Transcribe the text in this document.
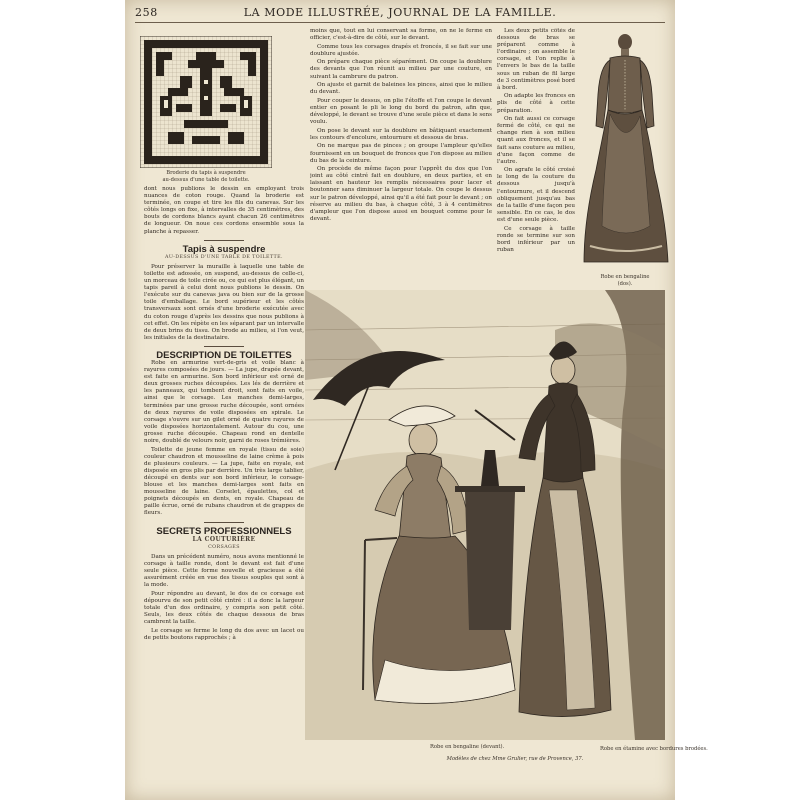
258	LA MODE ILLUSTRÉE, JOURNAL DE LA FAMILLE.
Broderie du tapis à suspendre
au-dessus d'une table de toilette.

dont nous publions le dessin en employant trois nuances de coton rouge. Quand la broderie est terminée, on coupe et tire les fils du canevas. Sur les côtés longs on fixe, à intervalles de 35 centimètres, des bouts de cordons blancs ayant chacun 26 centimètres de longueur. On noue ces cordons ensemble sous la planche à repasser.

Tapis à suspendre
AU-DESSUS D'UNE TABLE DE TOILETTE.

Pour préserver la muraille à laquelle une table de toilette est adossée, on suspend, au-dessus de celle-ci, un morceau de toile cirée ou, ce qui est plus élégant, un tapis pareil à celui dont nous publions le dessin. On l'exécute sur du canevas java ou bien sur de la grosse toile d'emballage. Le bord supérieur et les côtés transversaux sont ornés d'une broderie exécutée avec du coton rouge d'après les dessins que nous publions à cet effet. On les répète en les séparant par un intervalle de deux brins du tissu. On brode au milieu, si l'on veut, les initiales de la destinataire.

DESCRIPTION DE TOILETTES

Robe en armurine vert-de-gris et voile blanc à rayures composées de jours. — La jupe, drapée devant, est faite en armurine. Son bord inférieur est orné de deux grosses ruches découpées. Les lés de derrière et les panneaux, qui tombent droit, sont faits en voile, ainsi que le corsage. Les manches demi-larges, terminées par une grosse ruche découpée, sont ornées de deux rayures de voile disposées en spirale. Le corsage s'ouvre sur un gilet orné de quatre rayures de voile disposées horizontalement. Autour du cou, une grosse ruche découpée. Chapeau rond en dentelle noire, doublé de velours noir, garni de roses trémières.

Toilette de jeune femme en royale (tissu de soie) couleur chaudron et mousseline de laine crème à pois de plusieurs couleurs. — La jupe, faite en royale, est disposée en gros plis par derrière. Un très large tablier, découpé en dents sur son bord inférieur, le corsage-blouse et les manches demi-larges sont faits en mousseline de laine. Corselet, épaulettes, col et poignets découpés en dents, en royale. Chapeau de paille écrue, orné de rubans chaudron et de grappes de fleurs.

SECRETS PROFESSIONNELS
LA COUTURIÈRE
CORSAGES

Dans un précédent numéro, nous avons mentionné le corsage à taille ronde, dont le devant est fait d'une seule pièce. Cette forme nouvelle et gracieuse a été assurément créée en vue des tissus souples qui sont à la mode.

Pour répondre au devant, le dos de ce corsage est dépourvu de son petit côté cintré : il a donc la largeur totale d'un dos ordinaire, y compris son petit côté. Seuls, les deux côtés de chaque dessous de bras cambrent la taille.

Le corsage se ferme le long du dos avec un lacet ou de petits boutons rapprochés ; à

moins que, tout en lui conservant sa forme, on ne le ferme en officier, c'est-à-dire de côté, sur le devant.

Comme tous les corsages drapés et froncés, il se fait sur une doublure ajustée.

On prépare chaque pièce séparément. On coupe la doublure des devants que l'on réunit au milieu par une couture, en suivant la cambrure du patron.

On ajuste et garnit de baleines les pinces, ainsi que le milieu du devant.

Pour couper le dessus, on plie l'étoffe et l'on coupe le devant entier en posant le pli le long du bord du patron, afin que, développé, le devant se trouve d'une seule pièce et dans le sens voulu.

On pose le devant sur la doublure en bâtiquant exactement les contours d'encolure, entournure et dessous de bras.

On ne marque pas de pinces ; on groupe l'ampleur qu'elles fournissent en un bouquet de fronces que l'on dispose au milieu du bas de la ceinture.

On procède de même façon pour l'apprêt du dos que l'on joint au côté cintré fait en doublure, en deux parties, et en laissant en hauteur les remplis nécessaires pour lacer et boutonner sans diminuer la largeur totale. On coupe le dessus sur le patron développé, ainsi qu'il a été fait pour le devant ; on réserve au milieu du bas, à chaque côté, 3 à 4 centimètres d'ampleur que l'on dispose aussi en bouquet comme pour le devant.

Les deux petits côtés de dessous de bras se préparent comme à l'ordinaire ; on assemble le corsage, et l'on replie à l'envers le bas de la taille sous un ruban de fil large de 3 centimètres posé bord à bord.

On adapte les fronces en plis de côté à cette préparation.

On fait aussi ce corsage fermé de côté, ce qui ne change rien à son milieu quant aux fronces, et il se fait sans couture au milieu, d'une façon comme de l'autre.

On agrafe le côté croisé le long de la couture du dessous jusqu'à l'entournure, et il descend obliquement jusqu'au bas de la taille d'une façon peu sensible. En ce cas, le dos est d'une seule pièce.

Ce corsage à taille ronde se termine sur son bord inférieur par un ruban

Robe en bengaline
(dos).
Robe en bengaline (devant).	Robe en étamine avec bordures brodées.
Modèles de chez Mme Grulier, rue de Provence, 37.
